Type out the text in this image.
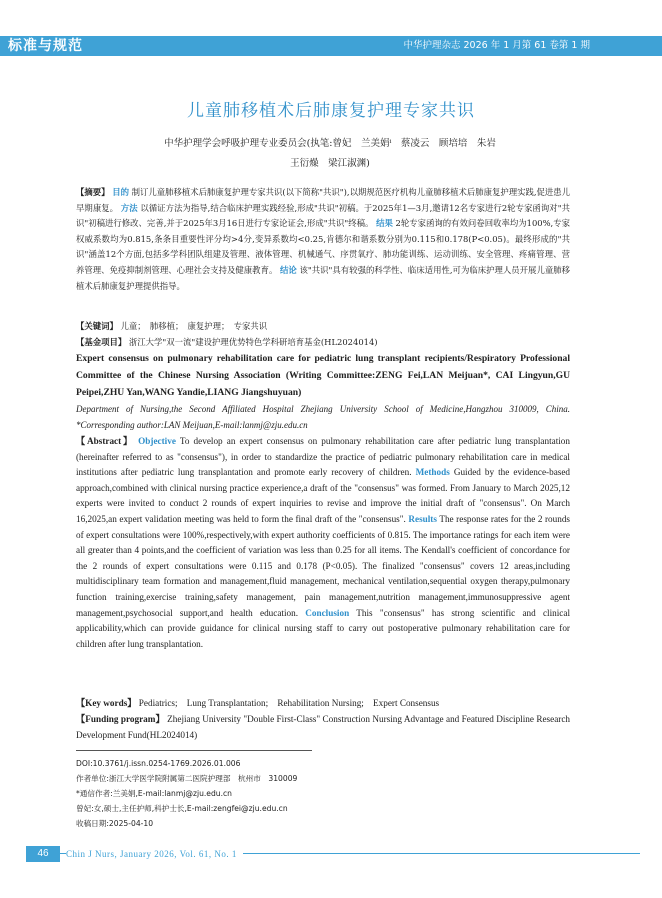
标准与规范	中华护理杂志 2026 年 1 月第 61 卷第 1 期
儿童肺移植术后肺康复护理专家共识
中华护理学会呼吸护理专业委员会(执笔:曾妃　兰美娟ⁱ　蔡凌云　顾培培　朱岩
王衍燥　梁江淑渊)
【摘要】 目的 制订儿童肺移植术后肺康复护理专家共识(以下简称"共识"),以期规范医疗机构儿童肺移植术后肺康复护理实践,促进患儿早期康复。 方法 以循证方法为指导,结合临床护理实践经验,形成"共识"初稿。于2025年1—3月,邀请12名专家进行2轮专家函询对"共识"初稿进行修改、完善,并于2025年3月16日进行专家论证会,形成"共识"终稿。 结果 2轮专家函询的有效问卷回收率均为100%,专家权威系数均为0.815,条条目重要性评分均>4分,变异系数均<0.25,肯德尔和谐系数分别为0.115和0.178(P<0.05)。最终形成的"共识"涵盖12个方面,包括多学科团队组建及管理、液体管理、机械通气、序贯氧疗、肺功能训练、运动训练、安全管理、疼痛管理、营养管理、免疫抑制剂管理、心理社会支持及健康教育。 结论 该"共识"具有较强的科学性、临床适用性,可为临床护理人员开展儿童肺移植术后肺康复护理提供指导。
【关键词】 儿童；　肺移植；　康复护理；　专家共识
【基金项目】 浙江大学"双一流"建设护理优势特色学科研培育基金(HL2024014)
Expert consensus on pulmonary rehabilitation care for pediatric lung transplant recipients/Respiratory Professional Committee of the Chinese Nursing Association (Writing Committee:ZENG Fei,LAN Meijuan*, CAI Lingyun,GU Peipei,ZHU Yan,WANG Yandie,LIANG Jiangshuyuan)
Department of Nursing,the Second Affiliated Hospital Zhejiang University School of Medicine,Hangzhou 310009, China. *Corresponding author:LAN Meijuan,E-mail:lanmj@zju.edu.cn
【Abstract】 Objective To develop an expert consensus on pulmonary rehabilitation care after pediatric lung transplantation (hereinafter referred to as "consensus"), in order to standardize the practice of pediatric pulmonary rehabilitation care in medical institutions after pediatric lung transplantation and promote early recovery of children. Methods Guided by the evidence-based approach,combined with clinical nursing practice experience,a draft of the "consensus" was formed. From January to March 2025,12 experts were invited to conduct 2 rounds of expert inquiries to revise and improve the initial draft of "consensus". On March 16,2025,an expert validation meeting was held to form the final draft of the "consensus". Results The response rates for the 2 rounds of expert consultations were 100%,respectively,with expert authority coefficients of 0.815. The importance ratings for each item were all greater than 4 points,and the coefficient of variation was less than 0.25 for all items. The Kendall's coefficient of concordance for the 2 rounds of expert consultations were 0.115 and 0.178 (P<0.05). The finalized "consensus" covers 12 areas,including multidisciplinary team formation and management,fluid management, mechanical ventilation,sequential oxygen therapy,pulmonary function training,exercise training,safety management, pain management,nutrition management,immunosuppressive agent management,psychosocial support,and health education. Conclusion This "consensus" has strong scientific and clinical applicability,which can provide guidance for clinical nursing staff to carry out postoperative pulmonary rehabilitation care for children after lung transplantation.
【Key words】 Pediatrics;　Lung Transplantation;　Rehabilitation Nursing;　Expert Consensus
【Funding program】 Zhejiang University "Double First-Class" Construction Nursing Advantage and Featured Discipline Research Development Fund(HL2024014)
DOI:10.3761/j.issn.0254-1769.2026.01.006
作者单位:浙江大学医学院附属第二医院护理部　杭州市　310009
*通信作者:兰美娟,E-mail:lanmj@zju.edu.cn
曾妃:女,硕士,主任护师,科护士长,E-mail:zengfei@zju.edu.cn
收稿日期:2025-04-10
46	Chin J Nurs, January 2026, Vol. 61, No. 1
